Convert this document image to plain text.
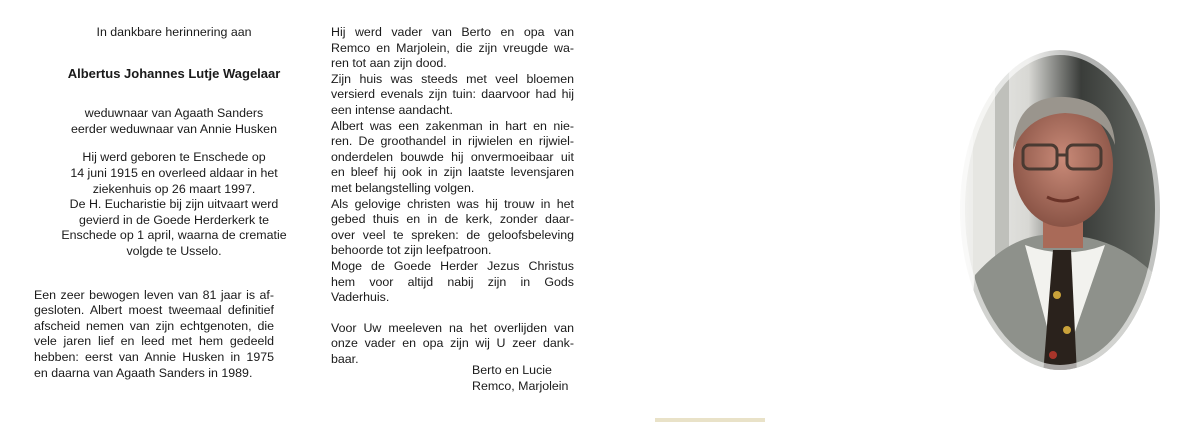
In dankbare herinnering aan
Albertus Johannes Lutje Wagelaar
weduwnaar van Agaath Sanders
eerder weduwnaar van Annie Husken
Hij werd geboren te Enschede op
14 juni 1915 en overleed aldaar in het
ziekenhuis op 26 maart 1997.
De H. Eucharistie bij zijn uitvaart werd
gevierd in de Goede Herderkerk te
Enschede op 1 april, waarna de crematie
volgde te Usselo.
Een zeer bewogen leven van 81 jaar is af-
gesloten. Albert moest tweemaal definitief
afscheid nemen van zijn echtgenoten, die
vele jaren lief en leed met hem gedeeld
hebben: eerst van Annie Husken in 1975
en daarna van Agaath Sanders in 1989.
Hij werd vader van Berto en opa van
Remco en Marjolein, die zijn vreugde wa-
ren tot aan zijn dood.
Zijn huis was steeds met veel bloemen
versierd evenals zijn tuin: daarvoor had hij
een intense aandacht.
Albert was een zakenman in hart en nie-
ren. De groothandel in rijwielen en rijwiel-
onderdelen bouwde hij onvermoeibaar uit
en bleef hij ook in zijn laatste levensjaren
met belangstelling volgen.
Als gelovige christen was hij trouw in het
gebed thuis en in de kerk, zonder daar-
over veel te spreken: de geloofsbeleving
behoorde tot zijn leefpatroon.
Moge de Goede Herder Jezus Christus
hem voor altijd nabij zijn in Gods
Vaderhuis.
Voor Uw meeleven na het overlijden van
onze vader en opa zijn wij U zeer dank-
baar.
Berto en Lucie
Remco, Marjolein
